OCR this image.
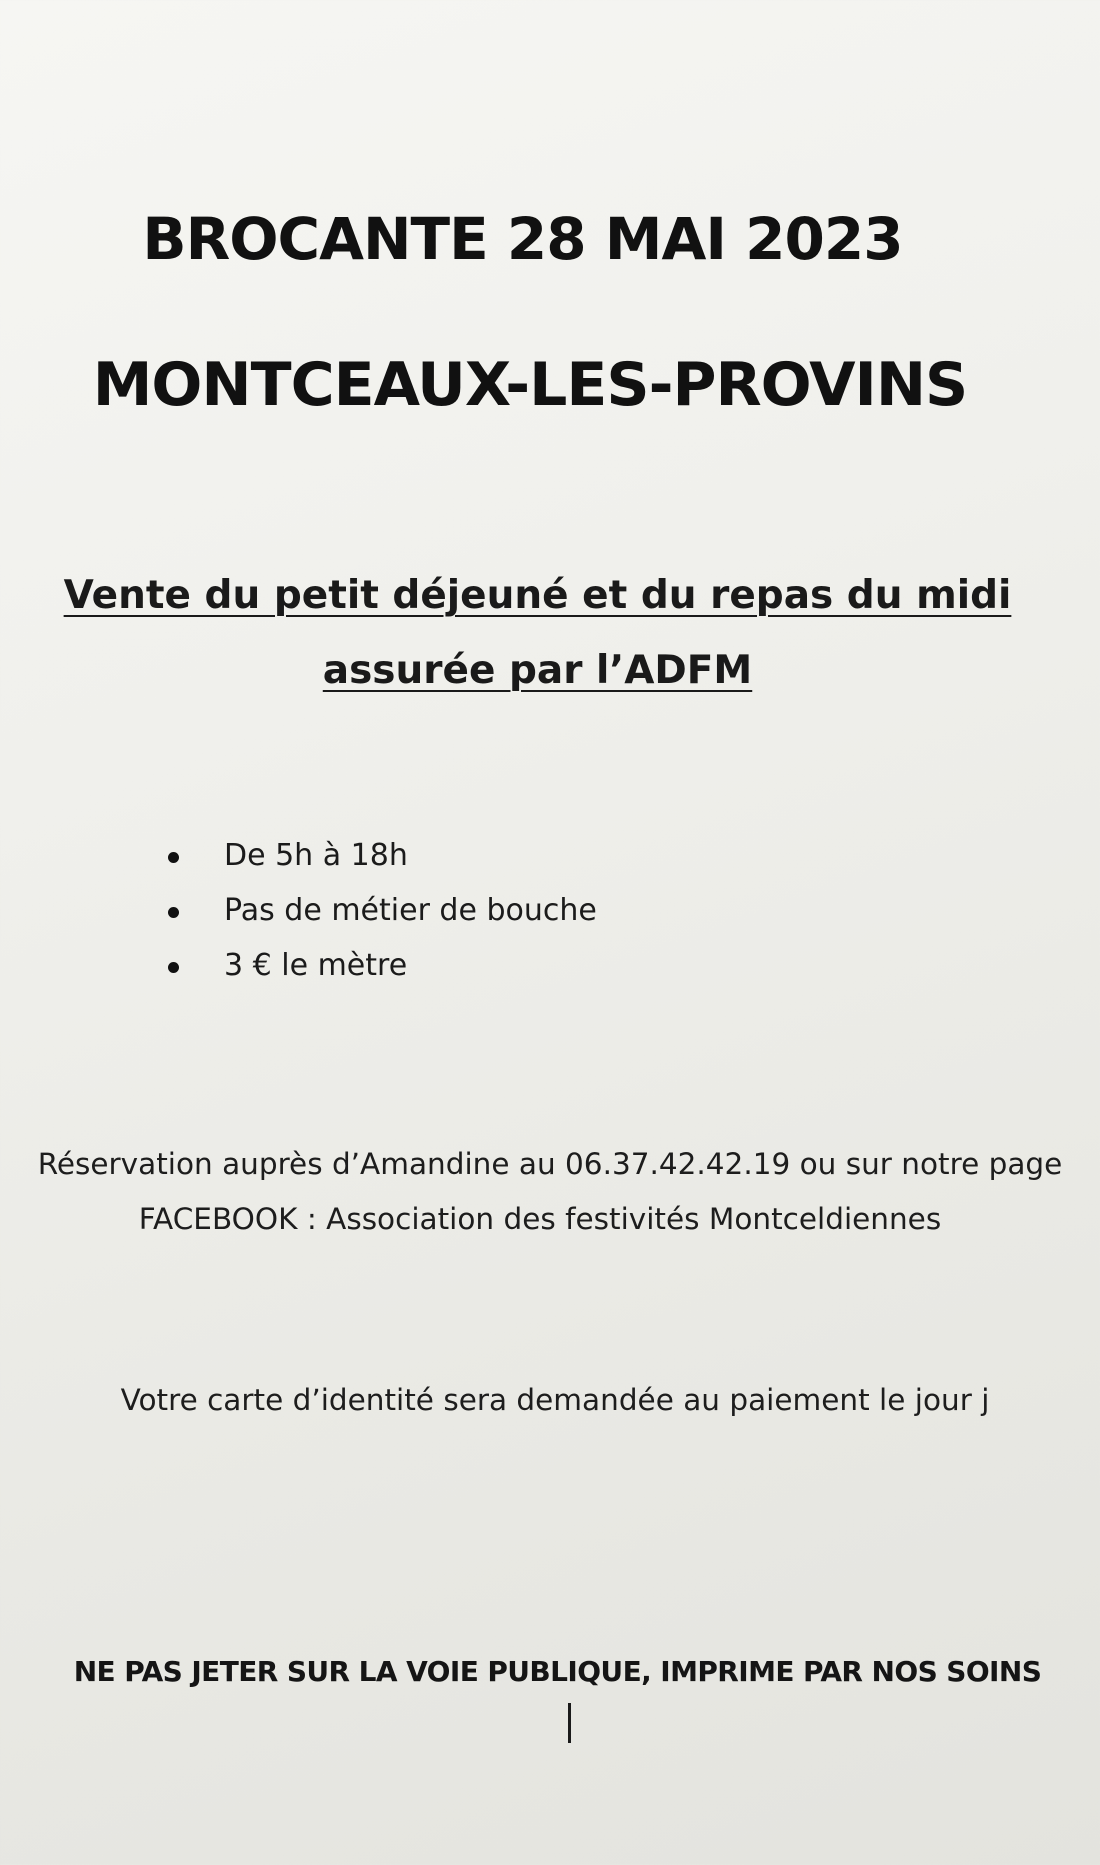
BROCANTE 28 MAI 2023
MONTCEAUX-LES-PROVINS
Vente du petit déjeuné et du repas du midi
assurée par l’ADFM
De 5h à 18h
Pas de métier de bouche
3 € le mètre
Réservation auprès d’Amandine au 06.37.42.42.19 ou sur notre page
FACEBOOK : Association des festivités Montceldiennes
Votre carte d’identité sera demandée au paiement le jour j
NE PAS JETER SUR LA VOIE PUBLIQUE, IMPRIME PAR NOS SOINS
